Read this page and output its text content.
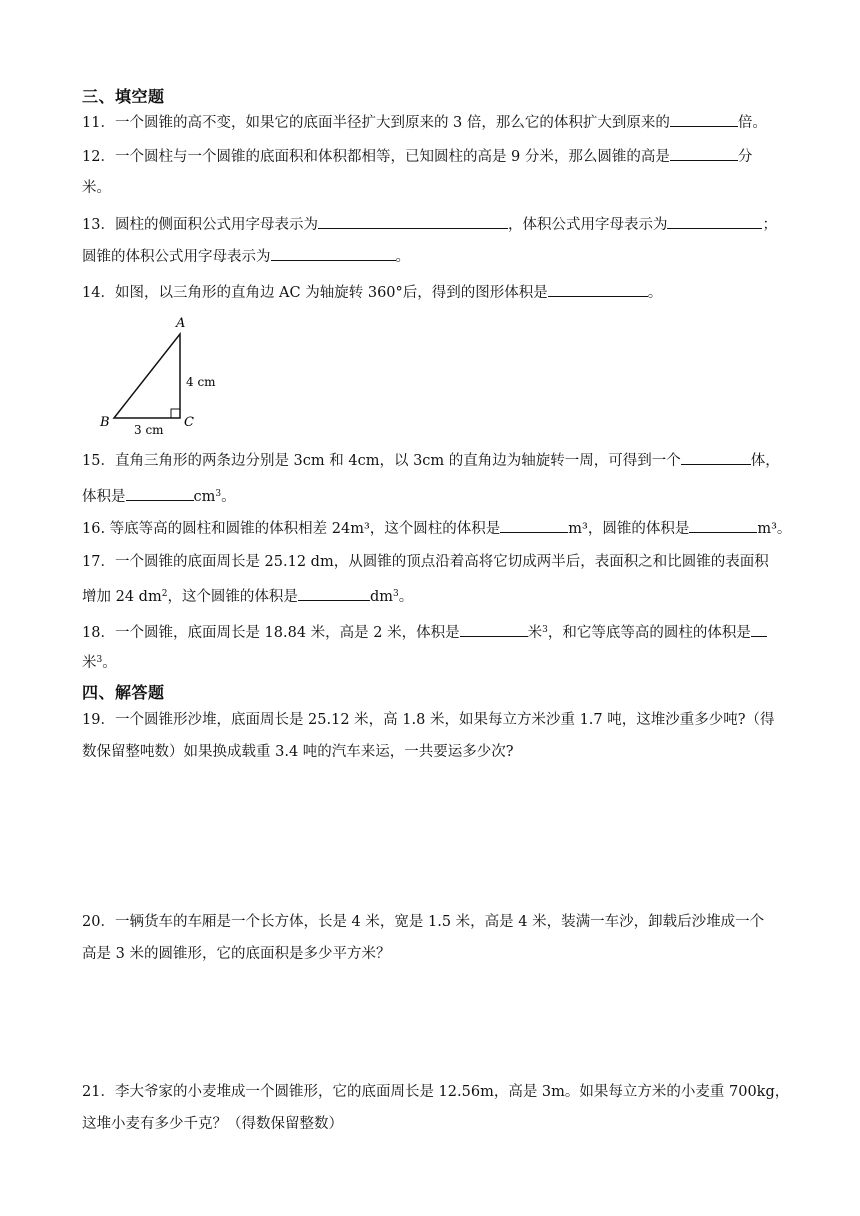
三、填空题
11．一个圆锥的高不变，如果它的底面半径扩大到原来的 3 倍，那么它的体积扩大到原来的	倍。
12．一个圆柱与一个圆锥的底面积和体积都相等，已知圆柱的高是 9 分米，那么圆锥的高是	分
米。
13．圆柱的侧面积公式用字母表示为	，体积公式用字母表示为	；
圆锥的体积公式用字母表示为	。
14．如图，以三角形的直角边 AC 为轴旋转 360°后，得到的图形体积是	。
A
B	C
4 cm
3 cm
15．直角三角形的两条边分别是 3cm 和 4cm，以 3cm 的直角边为轴旋转一周，可得到一个	体，
体积是	$cm^3$。
16. 等底等高的圆柱和圆锥的体积相差 24m³，这个圆柱的体积是	m³，圆锥的体积是	m³。
17．一个圆锥的底面周长是 25.12 dm，从圆锥的顶点沿着高将它切成两半后，表面积之和比圆锥的表面积
增加 24 $dm^2$，这个圆锥的体积是	$dm^3$。
18．一个圆锥，底面周长是 18.84 米，高是 2 米，体积是	米$^3$，和它等底等高的圆柱的体积是
米$^3$。
四、解答题
19．一个圆锥形沙堆，底面周长是 25.12 米，高 1.8 米，如果每立方米沙重 1.7 吨，这堆沙重多少吨?（得
数保留整吨数）如果换成载重 3.4 吨的汽车来运，一共要运多少次?
20．一辆货车的车厢是一个长方体，长是 4 米，宽是 1.5 米，高是 4 米，装满一车沙，卸载后沙堆成一个
高是 3 米的圆锥形，它的底面积是多少平方米？
21．李大爷家的小麦堆成一个圆锥形，它的底面周长是 12.56m，高是 3m。如果每立方米的小麦重 700kg，
这堆小麦有多少千克？（得数保留整数）
